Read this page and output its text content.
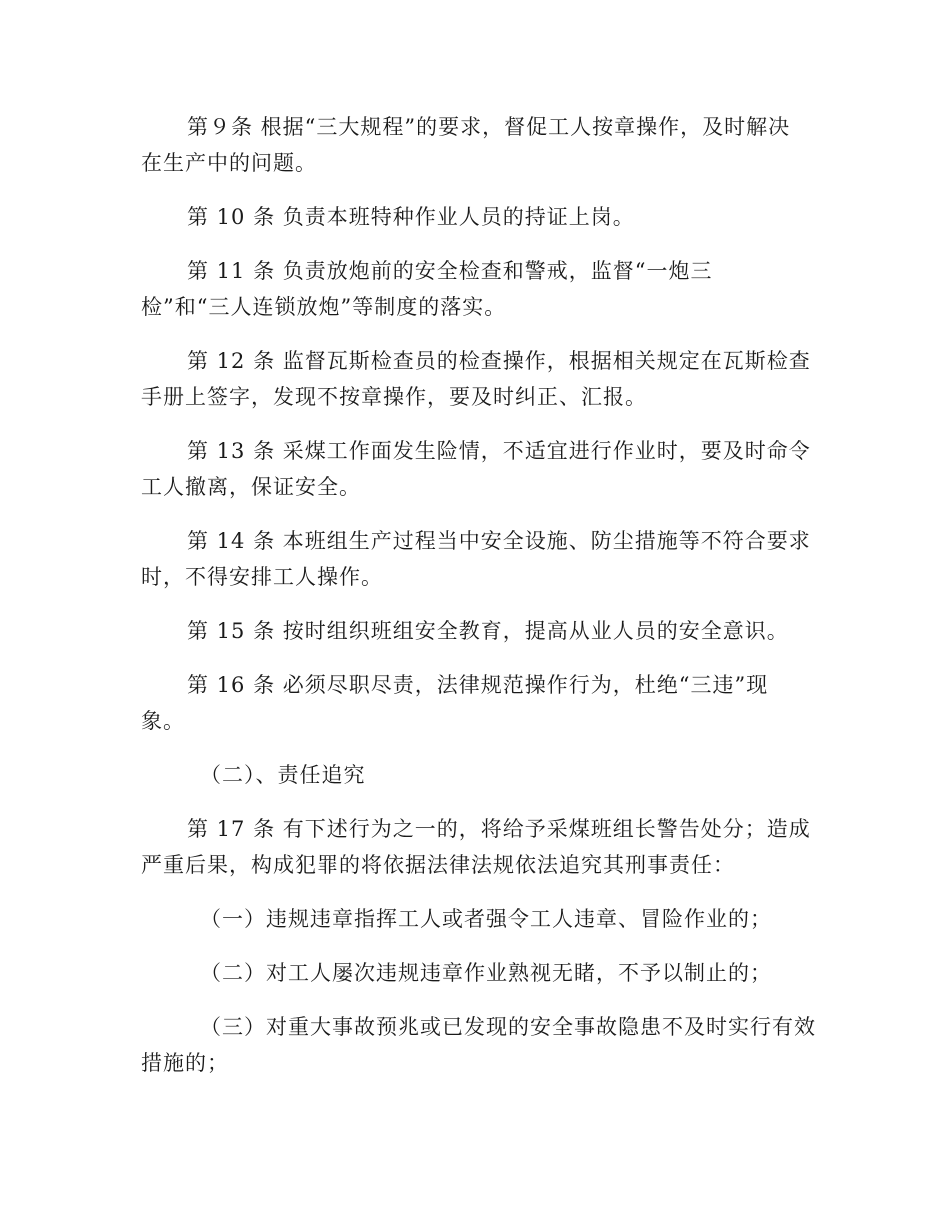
第９条 根据“三大规程”的要求，督促工人按章操作，及时解决
在生产中的问题。
第 10 条 负责本班特种作业人员的持证上岗。
第 11 条 负责放炮前的安全检查和警戒，监督“一炮三
检”和“三人连锁放炮”等制度的落实。
第 12 条 监督瓦斯检查员的检查操作，根据相关规定在瓦斯检查
手册上签字，发现不按章操作，要及时纠正、汇报。
第 13 条 采煤工作面发生险情，不适宜进行作业时，要及时命令
工人撤离，保证安全。
第 14 条 本班组生产过程当中安全设施、防尘措施等不符合要求
时，不得安排工人操作。
第 15 条 按时组织班组安全教育，提高从业人员的安全意识。
第 16 条 必须尽职尽责，法律规范操作行为，杜绝“三违”现
象。
（二）、责任追究
第 17 条 有下述行为之一的，将给予采煤班组长警告处分；造成
严重后果，构成犯罪的将依据法律法规依法追究其刑事责任：
（一）违规违章指挥工人或者强令工人违章、冒险作业的；
（二）对工人屡次违规违章作业熟视无睹，不予以制止的；
（三）对重大事故预兆或已发现的安全事故隐患不及时实行有效
措施的；
